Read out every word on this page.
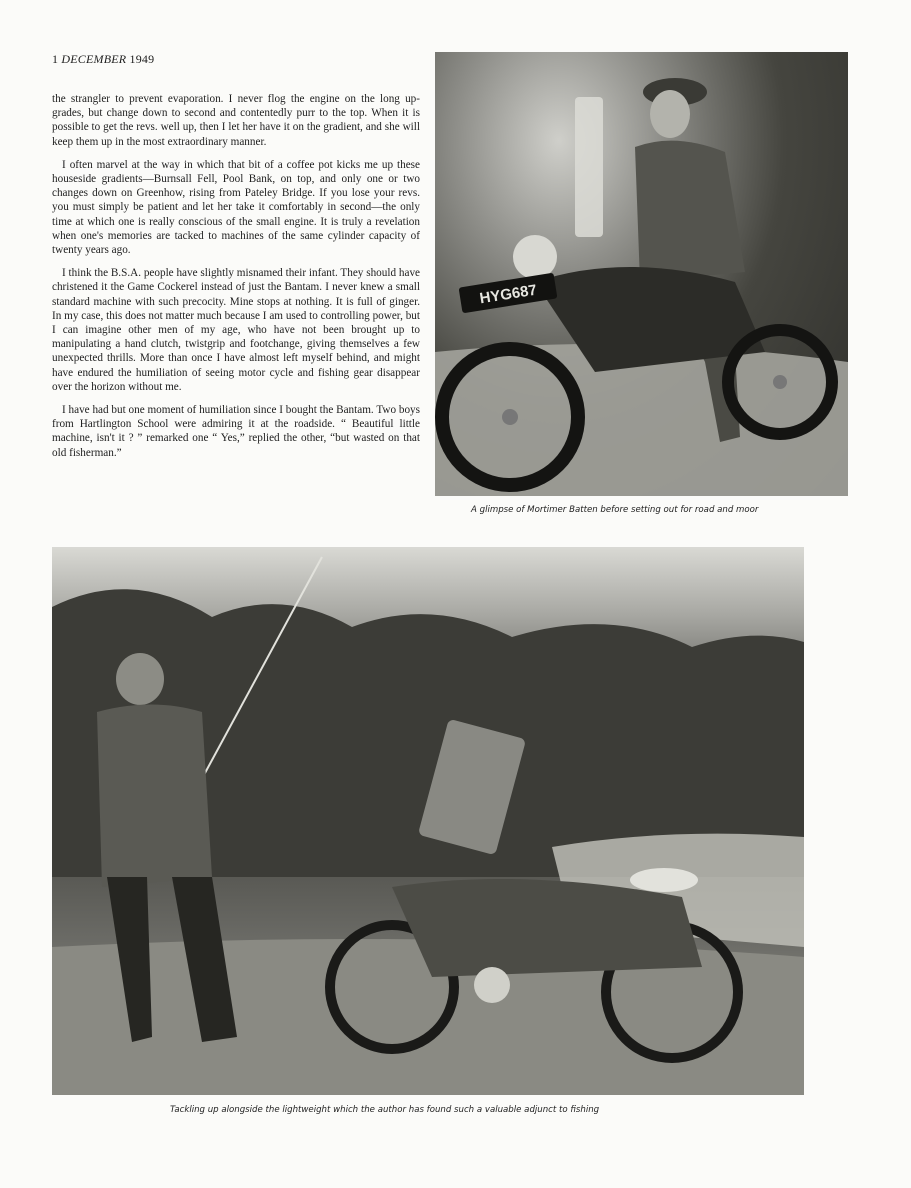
1 DECEMBER 1949

the strangler to prevent evaporation. I never flog the engine on the long up-grades, but change down to second and contentedly purr to the top. When it is possible to get the revs. well up, then I let her have it on the gradient, and she will keep them up in the most extraordinary manner.

I often marvel at the way in which that bit of a coffee pot kicks me up these houseside gradients—Burnsall Fell, Pool Bank, on top, and only one or two changes down on Greenhow, rising from Pateley Bridge. If you lose your revs. you must simply be patient and let her take it comfortably in second—the only time at which one is really conscious of the small engine. It is truly a revelation when one's memories are tacked to machines of the same cylinder capacity of twenty years ago.

I think the B.S.A. people have slightly misnamed their infant. They should have christened it the Game Cockerel instead of just the Bantam. I never knew a small standard machine with such precocity. Mine stops at nothing. It is full of ginger. In my case, this does not matter much because I am used to controlling power, but I can imagine other men of my age, who have not been brought up to manipulating a hand clutch, twistgrip and footchange, giving themselves a few unexpected thrills. More than once I have almost left myself behind, and might have endured the humiliation of seeing motor cycle and fishing gear disappear over the horizon without me.

I have had but one moment of humiliation since I bought the Bantam. Two boys from Hartlington School were admiring it at the roadside. “ Beautiful little machine, isn't it ? ” remarked one “ Yes,” replied the other, “but wasted on that old fisherman.”

HYG687
A glimpse of Mortimer Batten before setting out for road and moor
Tackling up alongside the lightweight which the author has found such a valuable adjunct to fishing
